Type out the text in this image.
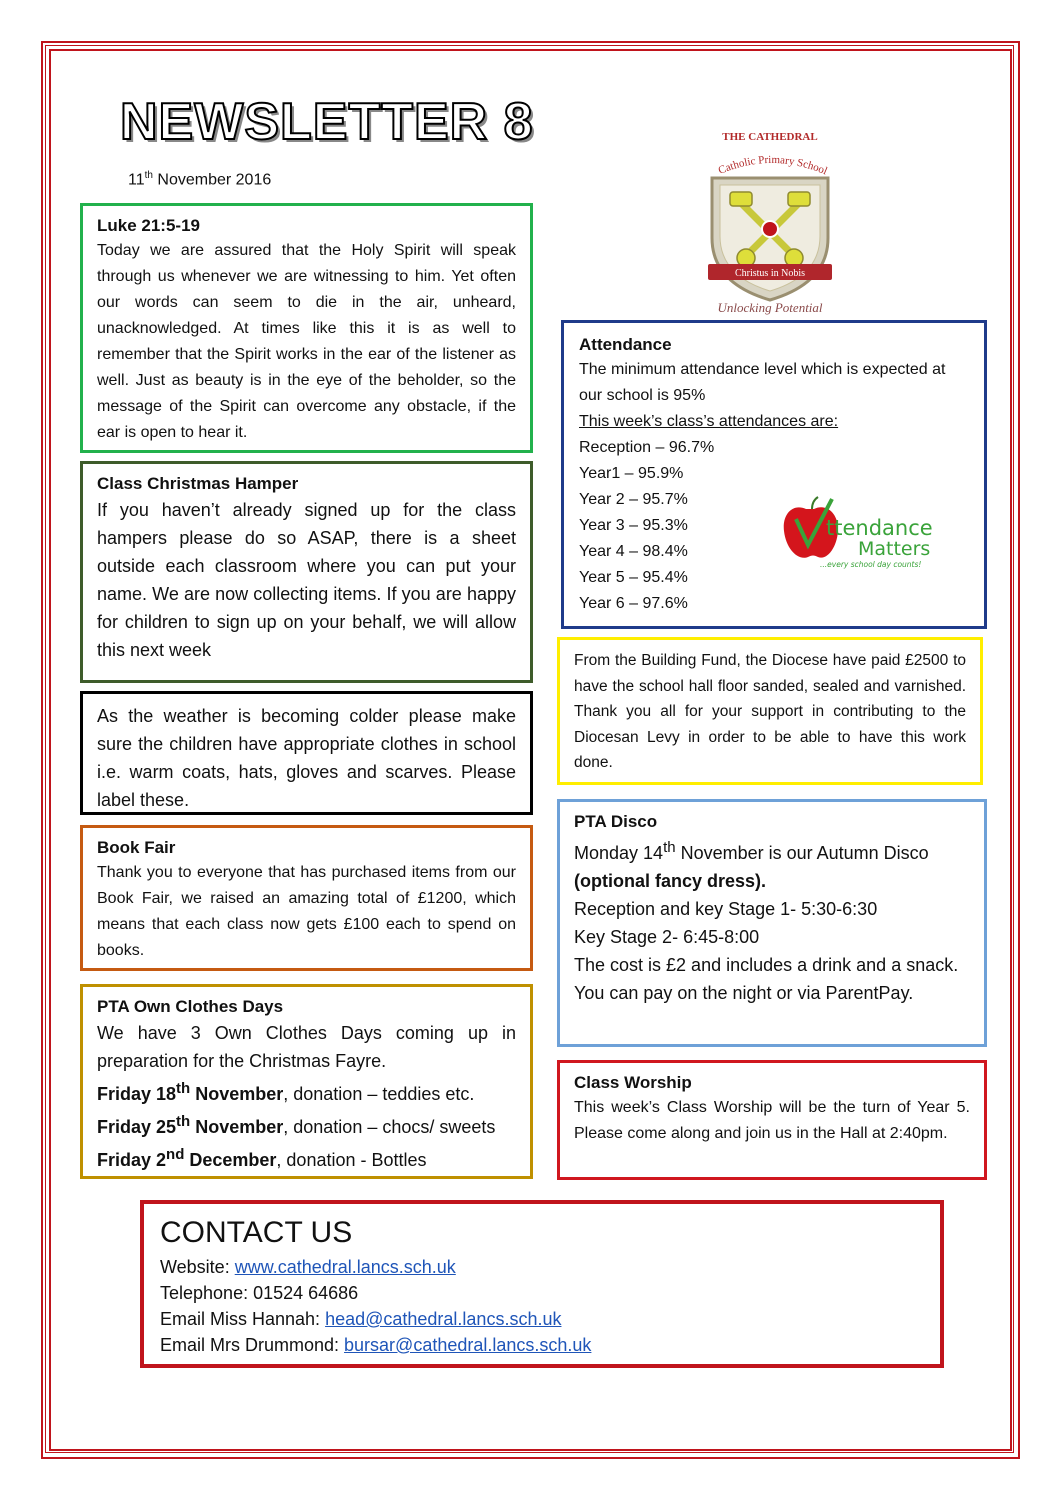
NEWSLETTER 8
11th November 2016
THE CATHEDRAL
Catholic Primary School
Christus in Nobis
Unlocking Potential
Luke 21:5-19

Today we are assured that the Holy Spirit will speak through us whenever we are witnessing to him. Yet often our words can seem to die in the air, unheard, unacknowledged. At times like this it is as well to remember that the Spirit works in the ear of the listener as well. Just as beauty is in the eye of the beholder, so the message of the Spirit can overcome any obstacle, if the ear is open to hear it.

Class Christmas Hamper

If you haven’t already signed up for the class hampers please do so ASAP, there is a sheet outside each classroom where you can put your name. We are now collecting items. If you are happy for children to sign up on your behalf, we will allow this next week

As the weather is becoming colder please make sure the children have appropriate clothes in school i.e. warm coats, hats, gloves and scarves. Please label these.

Book Fair

Thank you to everyone that has purchased items from our Book Fair, we raised an amazing total of £1200, which means that each class now gets £100 each to spend on books.

PTA Own Clothes Days

We have 3 Own Clothes Days coming up in preparation for the Christmas Fayre.

Friday 18th November, donation – teddies etc.

Friday 25th November, donation – chocs/ sweets

Friday 2nd December, donation - Bottles

Attendance

The minimum attendance level which is expected at our school is 95%

This week’s class’s attendances are:

Reception – 96.7%
Year1 – 95.9%
Year 2 – 95.7%
Year 3 – 95.3%
Year 4 – 98.4%
Year 5 – 95.4%
Year 6 – 97.6%
ttendance
Matters
...every school day counts!

From the Building Fund, the Diocese have paid £2500 to have the school hall floor sanded, sealed and varnished. Thank you all for your support in contributing to the Diocesan Levy in order to be able to have this work done.

PTA Disco

Monday 14th November is our Autumn Disco

(optional fancy dress).

Reception and key Stage 1- 5:30-6:30

Key Stage 2- 6:45-8:00

The cost is £2 and includes a drink and a snack.

You can pay on the night or via ParentPay.

Class Worship

This week’s Class Worship will be the turn of Year 5. Please come along and join us in the Hall at 2:40pm.

CONTACT US
Website: www.cathedral.lancs.sch.uk
Telephone: 01524 64686
Email Miss Hannah: head@cathedral.lancs.sch.uk
Email Mrs Drummond: bursar@cathedral.lancs.sch.uk
